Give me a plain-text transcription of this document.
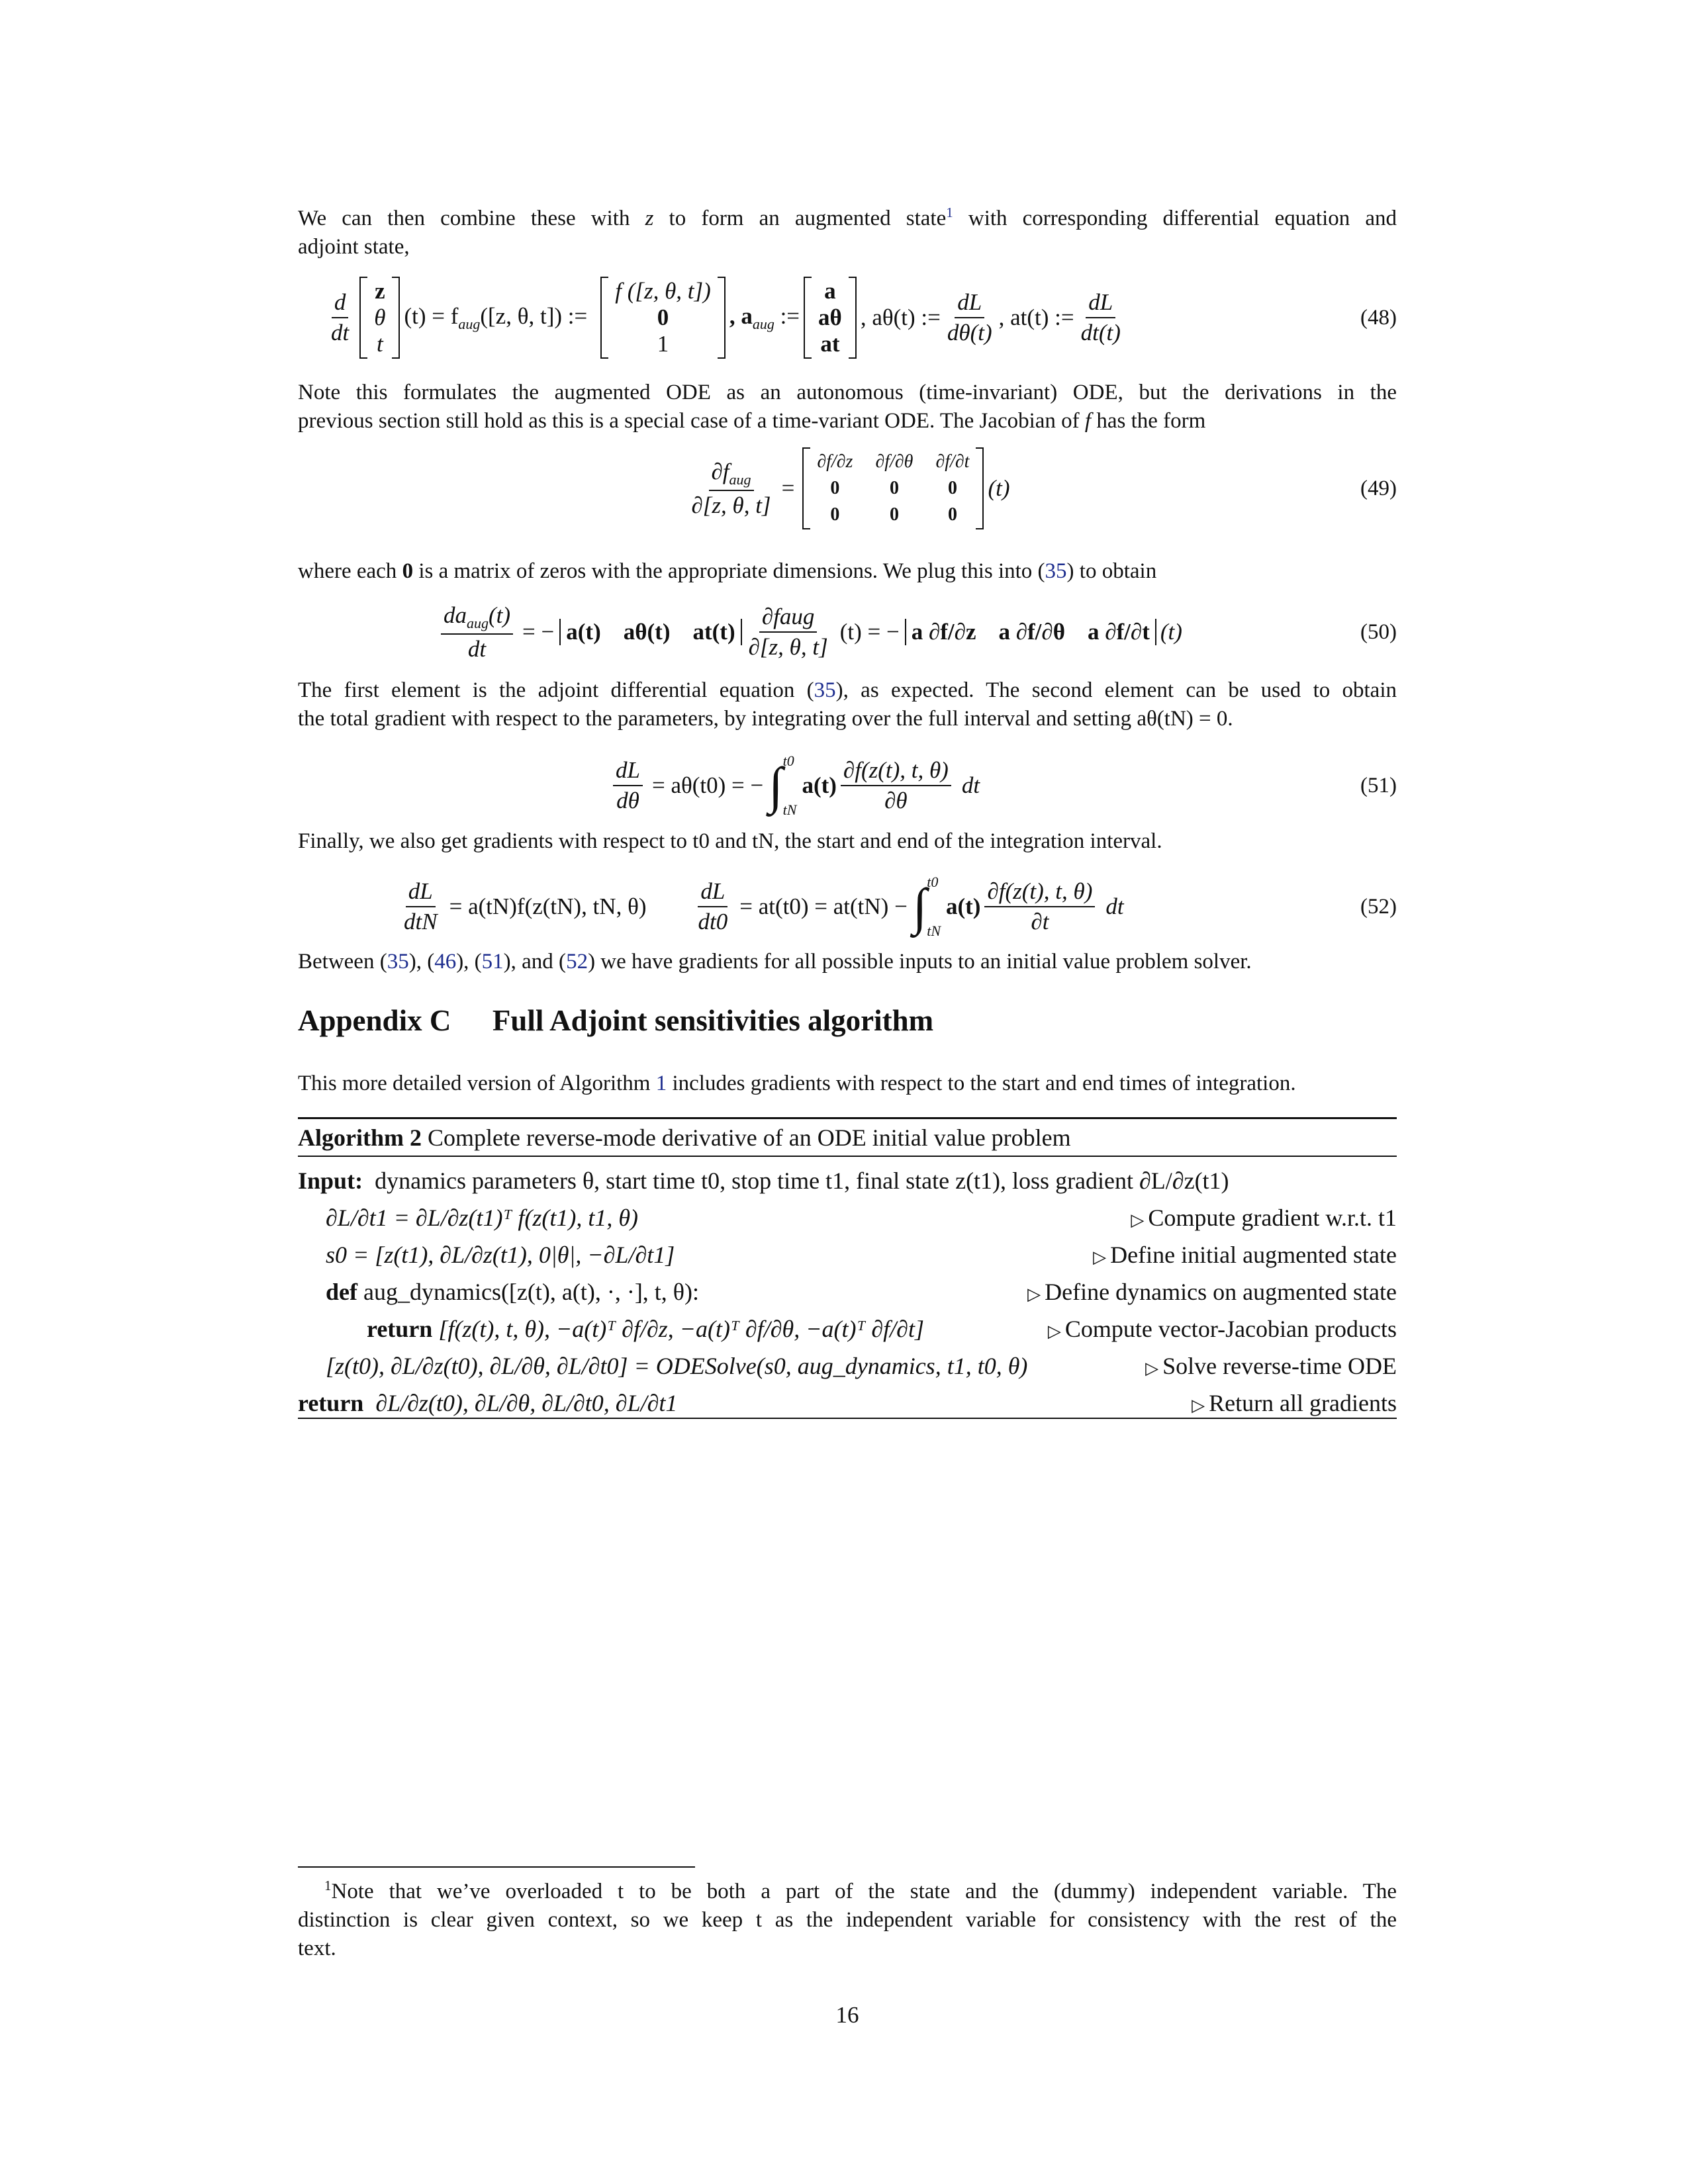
We can then combine these with z to form an augmented state$^1$ with corresponding differential equation and

adjoint state,

$\frac{d}{dt}$ z
θ
t
$(t) = f_{aug}([z$, θ, t]) :=
f ([z, θ, t])
0
1
, $a_{aug}$ :=
a
aθ
at
, aθ(t) := $\frac{dL}{d\theta(t)}$ , at(t) := $\frac{dL}{dt(t)}$	(48)

Note this formulates the augmented ODE as an autonomous (time-invariant) ODE, but the derivations in the

previous section still hold as this is a special case of a time-variant ODE. The Jacobian of f has the form

$\frac{\partial f_{aug}}{\partial[z, \theta, t]}$ =
∂f/∂z ∂f/∂θ ∂f/∂t
0	0	0
0	0	0
(t)	(49)

where each 0 is a matrix of zeros with the appropriate dimensions. We plug this into (35) to obtain

$\frac{da_{aug}(t)}{dt}$ = − a(t) aθ(t) $at(t) \frac{\text{∂faug}}{\partial[z, \theta, t]} (t)$ = − a ∂f/∂z a ∂f/∂θ a ∂f/∂t (t)	(50)

The first element is the adjoint differential equation (35), as expected. The second element can be used to obtain

the total gradient with respect to the parameters, by integrating over the full interval and setting aθ(tN) = 0.

$\frac{dL}{d\theta} = a\theta(t0)$ = − ∫ t0
tN
$a(t) \frac{\partial f(z(t), t, \theta)}{\partial\theta}$ dt	(51)

Finally, we also get gradients with respect to t0 and tN, the start and end of the integration interval.

$\frac{dL}{\text{dtN}} = a(tN)f(z(tN)$, tN, $\theta) \frac{dL}{dt0} = at(t0) = at(tN)$ − ∫ t0
tN
$a(t) \frac{\partial f(z(t), t, \theta)}{\partial t}$ dt	(52)

Between (35), (46), (51), and (52) we have gradients for all possible inputs to an initial value problem solver.

Appendix C Full Adjoint sensitivities algorithm

This more detailed version of Algorithm 1 includes gradients with respect to the start and end times of integration.

Algorithm 2
Complete reverse-mode derivative of an ODE initial value problem
Input:
dynamics parameters θ, start time t0, stop time t1, final state z(t1), loss gradient ∂L/∂z(t1)
∂L/∂t1 = ∂L/∂z(t1)ᵀ f(z(t1), t1, θ)	▷ Compute gradient w.r.t. t1
s0 = [z(t1), ∂L/∂z(t1), 0|θ|, −∂L/∂t1]	▷ Define initial augmented state
def
aug_dynamics([z(t), a(t), ·, ·], t, θ):	▷ Define dynamics on augmented state
return
[f(z(t), t, θ), −a(t)ᵀ ∂f/∂z, −a(t)ᵀ ∂f/∂θ, −a(t)ᵀ ∂f/∂t]	▷ Compute vector-Jacobian products
[z(t0), ∂L/∂z(t0), ∂L/∂θ, ∂L/∂t0] = ODESolve(s0, aug_dynamics, t1, t0, θ)	▷ Solve reverse-time ODE
return
∂L/∂z(t0), ∂L/∂θ, ∂L/∂t0, ∂L/∂t1	▷ Return all gradients

$^1$Note that we’ve overloaded t to be both a part of the state and the (dummy) independent variable. The

distinction is clear given context, so we keep t as the independent variable for consistency with the rest of the

text.

16
